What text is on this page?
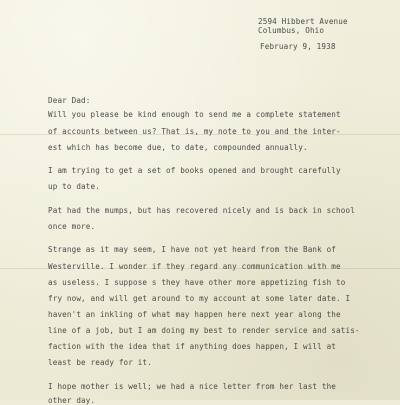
2594 Hibbert Avenue
Columbus, Ohio
February 9, 1938
Dear Dad:
Will you please be kind enough to send me a complete statement
of accounts between us? That is, my note to you and the inter-
est which has become due, to date, compounded annually.
I am trying to get a set of books opened and brought carefully
up to date.
Pat had the mumps, but has recovered nicely and is back in school
once more.
Strange as it may seem, I have not yet heard from the Bank of
Westerville. I wonder if they regard any communication with me
as useless. I suppose s they have other more appetizing fish to
fry now, and will get around to my account at some later date. I
haven't an inkling of what may happen here next year along the
line of a job, but I am doing my best to render service and satis-
faction with the idea that if anything does happen, I will at
least be ready for it.
I hope mother is well; we had a nice letter from her last the
other day.
